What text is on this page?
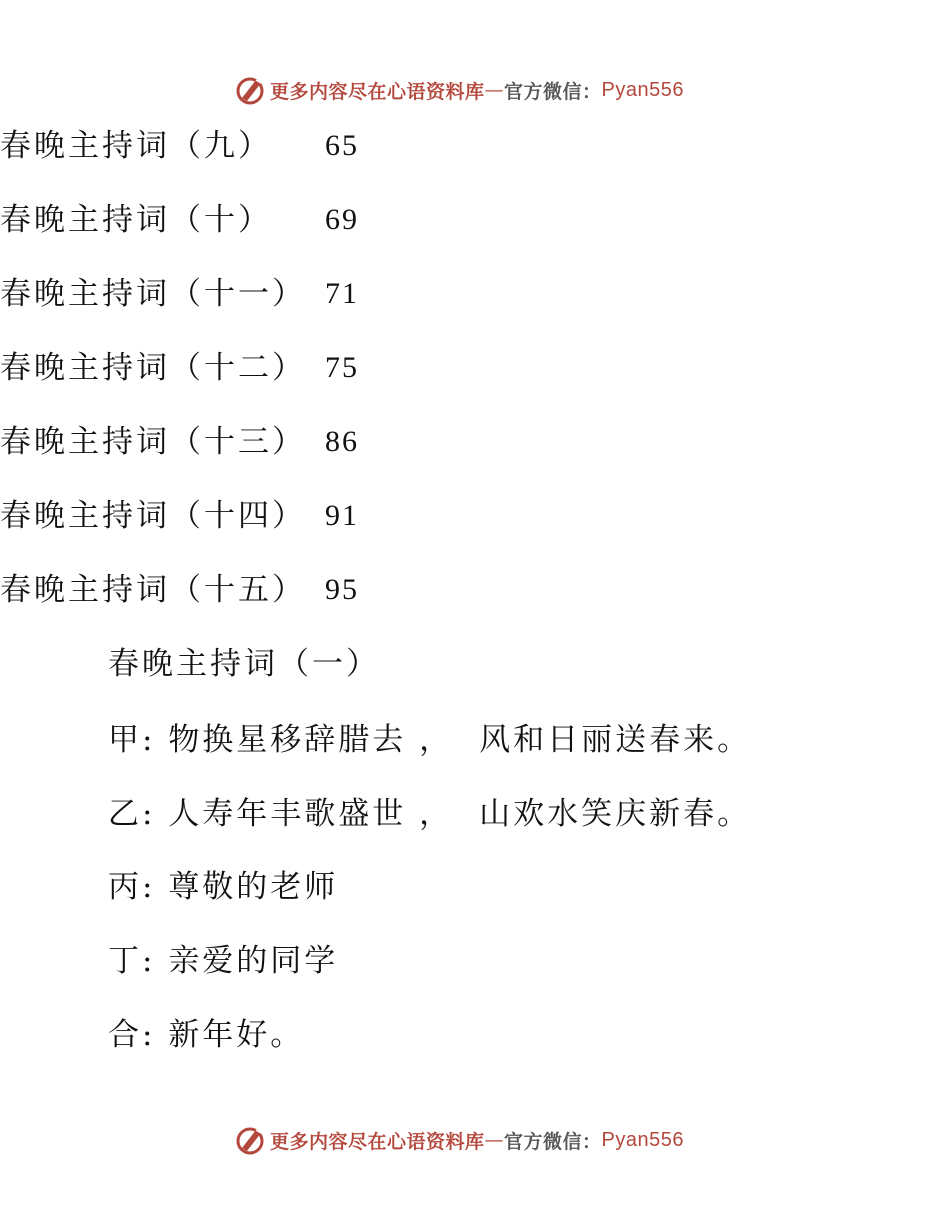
更多内容尽在心语资料库 — 官方微信： Pyan556
春晚主持词（九） 65
春晚主持词（十） 69
春晚主持词（十一） 71
春晚主持词（十二） 75
春晚主持词（十三） 86
春晚主持词（十四） 91
春晚主持词（十五） 95
春晚主持词（一）
甲: 物换星移辞腊去 ， 风和日丽送春来。
乙: 人寿年丰歌盛世 ， 山欢水笑庆新春。
丙: 尊敬的老师
丁: 亲爱的同学
合: 新年好。
更多内容尽在心语资料库 — 官方微信： Pyan556
